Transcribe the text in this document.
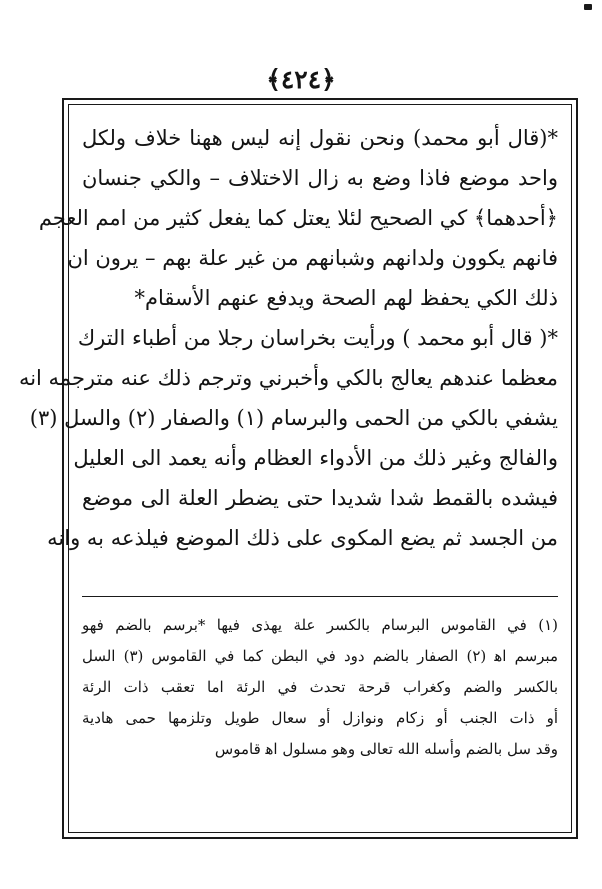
﴿٤٢٤﴾
*(قال أبو محمد) ونحن نقول إنه ليس ههنا خلاف ولكل
واحد موضع فاذا وضع به زال الاختلاف – والكي جنسان
﴿أحدهما﴾ كي الصحيح لئلا يعتل كما يفعل كثير من امم العجم
فانهم يكوون ولدانهم وشبانهم من غير علة بهم – يرون ان
ذلك الكي يحفظ لهم الصحة ويدفع عنهم الأسقام*
*( قال أبو محمد ) ورأيت بخراسان رجلا من أطباء الترك
معظما عندهم يعالج بالكي وأخبرني وترجم ذلك عنه مترجمه انه
يشفي بالكي من الحمى والبرسام (١) والصفار (٢) والسل (٣)
والفالج وغير ذلك من الأدواء العظام وأنه يعمد الى العليل
فيشده بالقمط شدا شديدا حتى يضطر العلة الى موضع
من الجسد ثم يضع المكوى على ذلك الموضع فيلذعه به وانه
(١) في القاموس البرسام بالكسر علة يهذى فيها *برسم بالضم فهو
مبرسم اﻫ (٢) الصفار بالضم دود في البطن كما في القاموس (٣) السل
بالكسر والضم وكغراب قرحة تحدث في الرئة اما تعقب ذات الرئة
أو ذات الجنب أو زكام ونوازل أو سعال طويل وتلزمها حمى هادية
وقد سل بالضم وأسله الله تعالى وهو مسلول اﻫ قاموس
